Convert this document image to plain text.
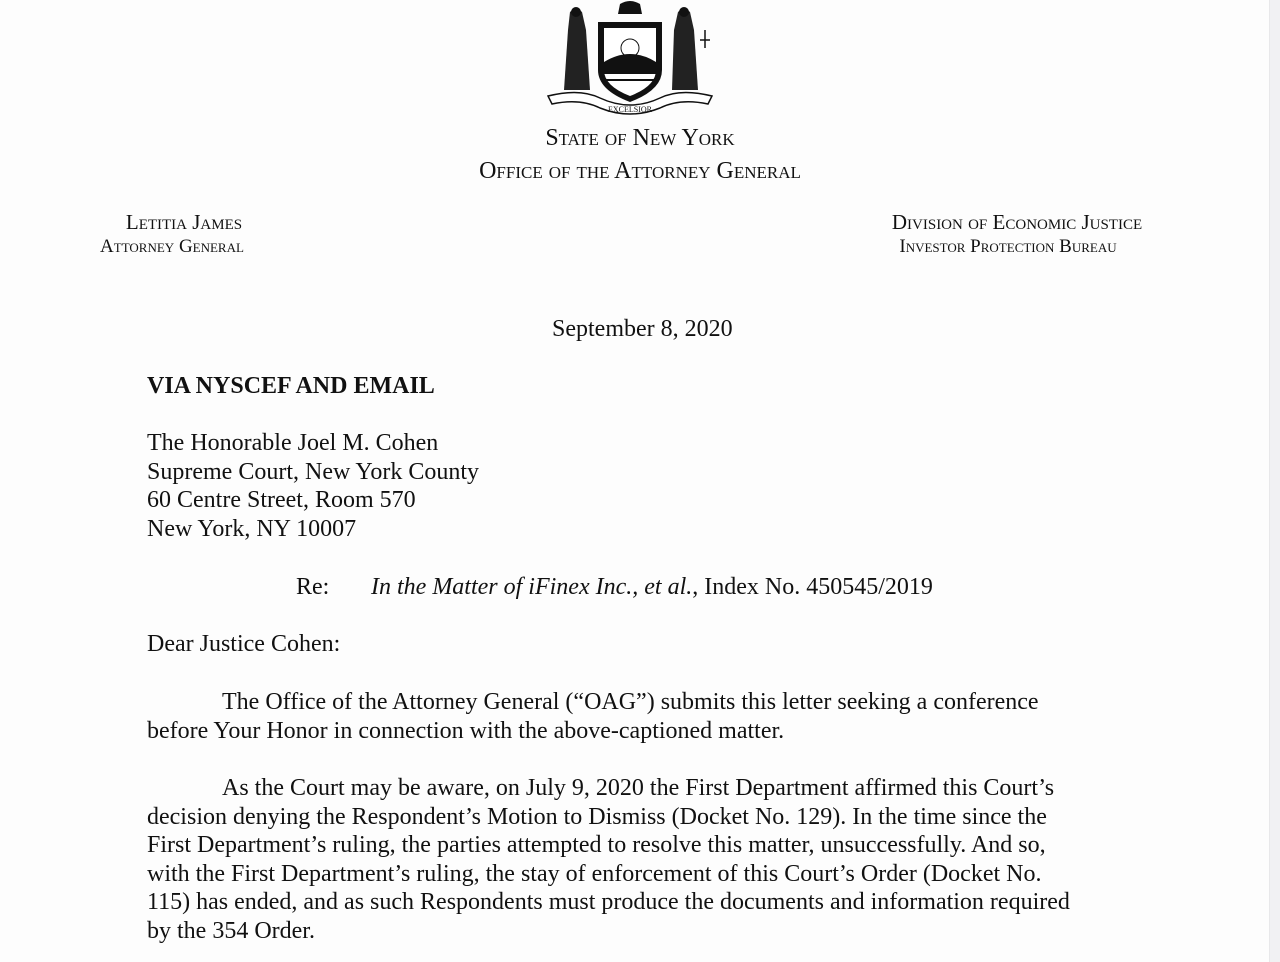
EXCELSIOR
State of New York
Office of the Attorney General
Letitia James
Attorney General
Division of Economic Justice
Investor Protection Bureau
September 8, 2020
VIA NYSCEF AND EMAIL
The Honorable Joel M. Cohen
Supreme Court, New York County
60 Centre Street, Room 570
New York, NY 10007
Re: In the Matter of iFinex Inc., et al., Index No. 450545/2019
Dear Justice Cohen:
The Office of the Attorney General (“OAG”) submits this letter seeking a conference
before Your Honor in connection with the above-captioned matter.
As the Court may be aware, on July 9, 2020 the First Department affirmed this Court’s
decision denying the Respondent’s Motion to Dismiss (Docket No. 129). In the time since the
First Department’s ruling, the parties attempted to resolve this matter, unsuccessfully. And so,
with the First Department’s ruling, the stay of enforcement of this Court’s Order (Docket No.
115) has ended, and as such Respondents must produce the documents and information required
by the 354 Order.
